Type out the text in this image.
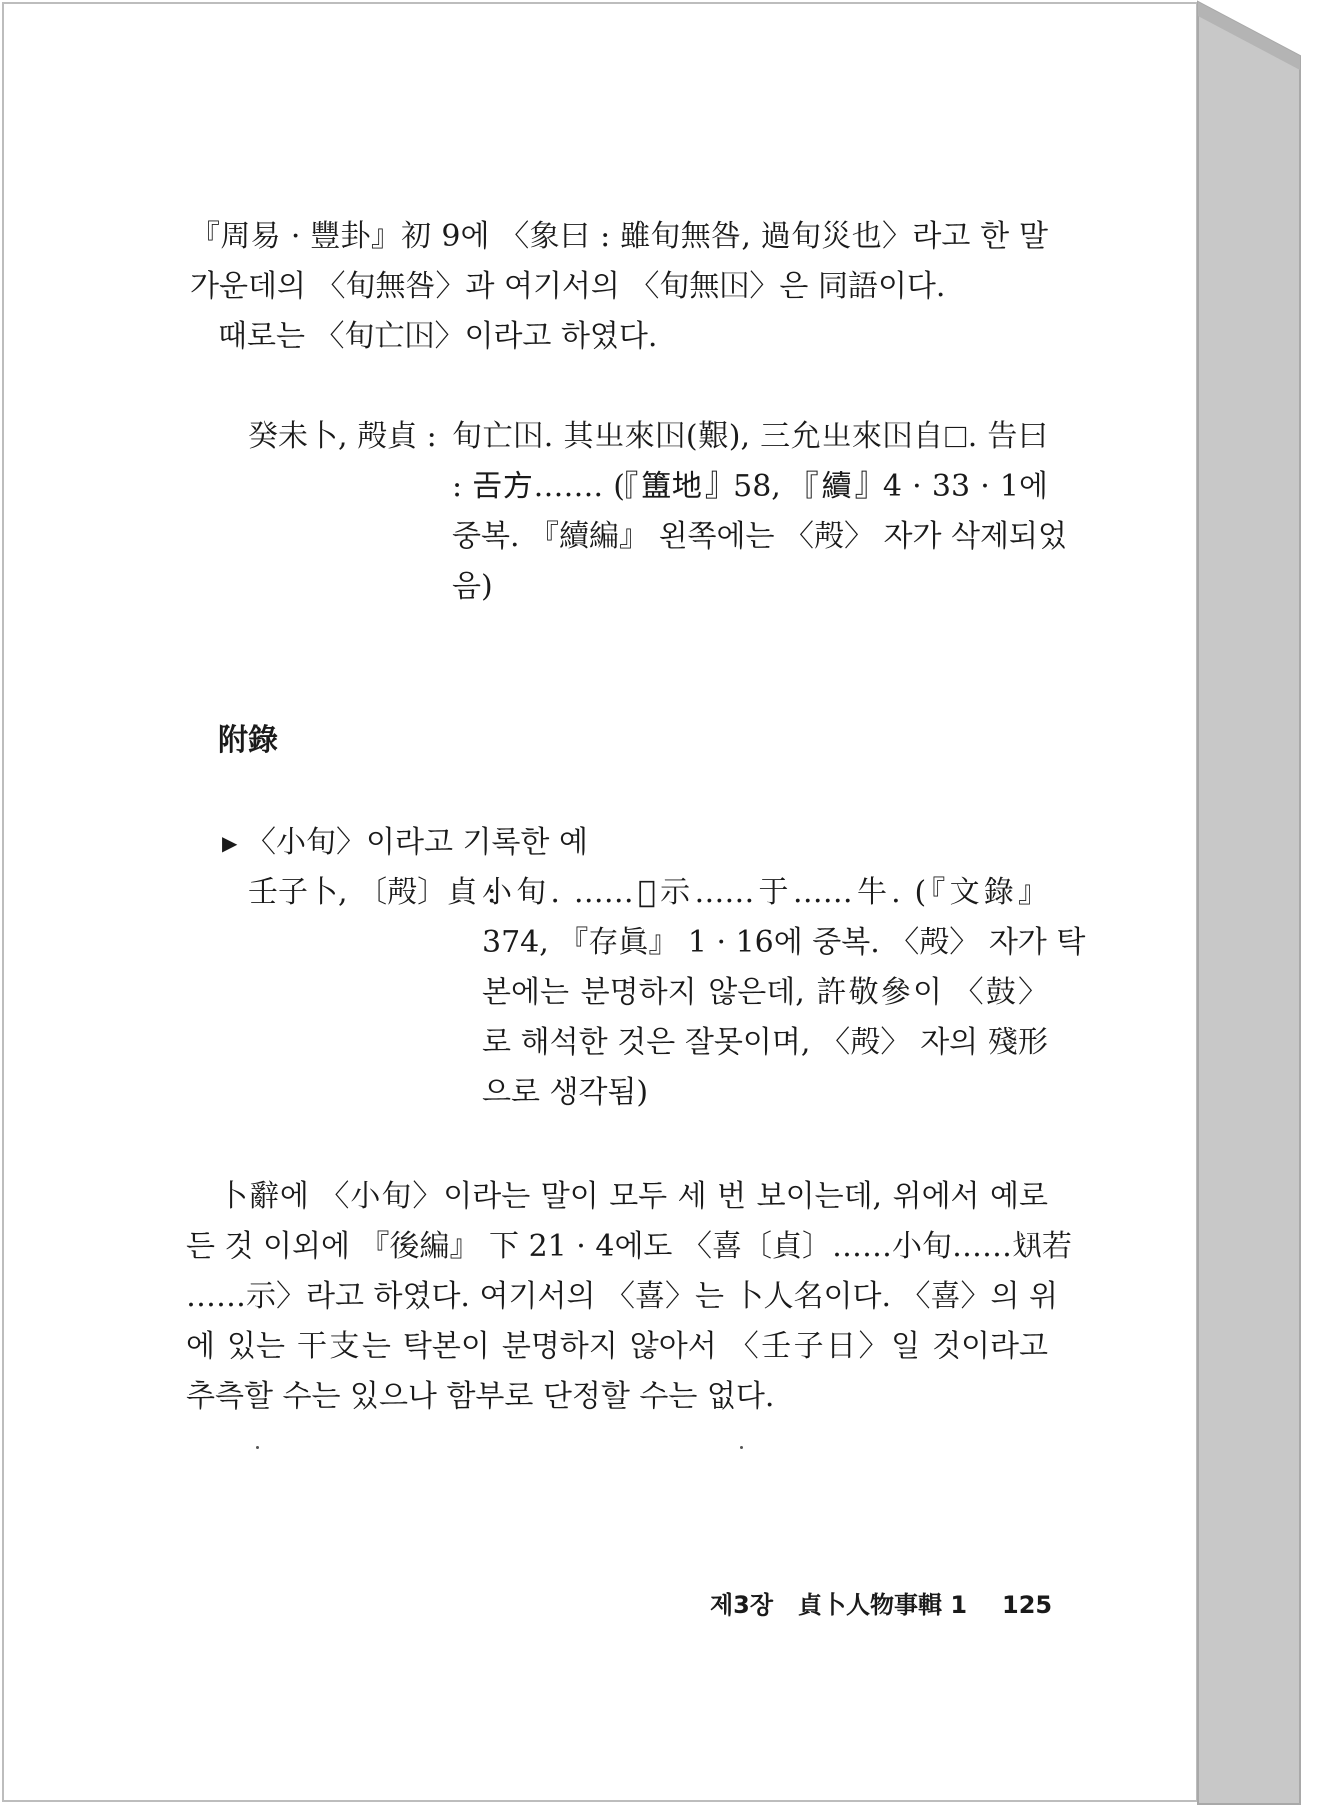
『周易 · 豐卦』初 9에 〈象曰 : 雖旬無咎, 過旬災也〉라고 한 말
가운데의 〈旬無咎〉과 여기서의 〈旬無𡆥〉은 同語이다.
때로는 〈旬亡𡆥〉이라고 하였다.
癸未卜, 殸貞 : 旬亡𡆥. 其㞢來𡆥(艱), 三允㞢來𡆥自☐. 告曰
: 𢀛方……. (『簠地』58, 『續』4 · 33 · 1에
중복. 『續編』 왼쪽에는 〈殸〉 자가 삭제되었
음)
附錄
▶ 〈小旬〉이라고 기록한 예
壬子卜, 〔殸〕貞 :
小旬. ……𡧊示……于……牛. (『文錄』
374, 『存眞』 1 · 16에 중복. 〈殸〉 자가 탁
본에는 분명하지 않은데, 許敬參이 〈鼓〉
로 해석한 것은 잘못이며, 〈殸〉 자의 殘形
으로 생각됨)
卜辭에 〈小旬〉이라는 말이 모두 세 번 보이는데, 위에서 예로
든 것 이외에 『後編』 下 21 · 4에도 〈喜〔貞〕……小旬……𢦚若
……示〉라고 하였다. 여기서의 〈喜〉는 卜人名이다. 〈喜〉의 위
에 있는 干支는 탁본이 분명하지 않아서 〈壬子日〉일 것이라고
추측할 수는 있으나 함부로 단정할 수는 없다.
제3장 貞卜人物事輯 1 125
